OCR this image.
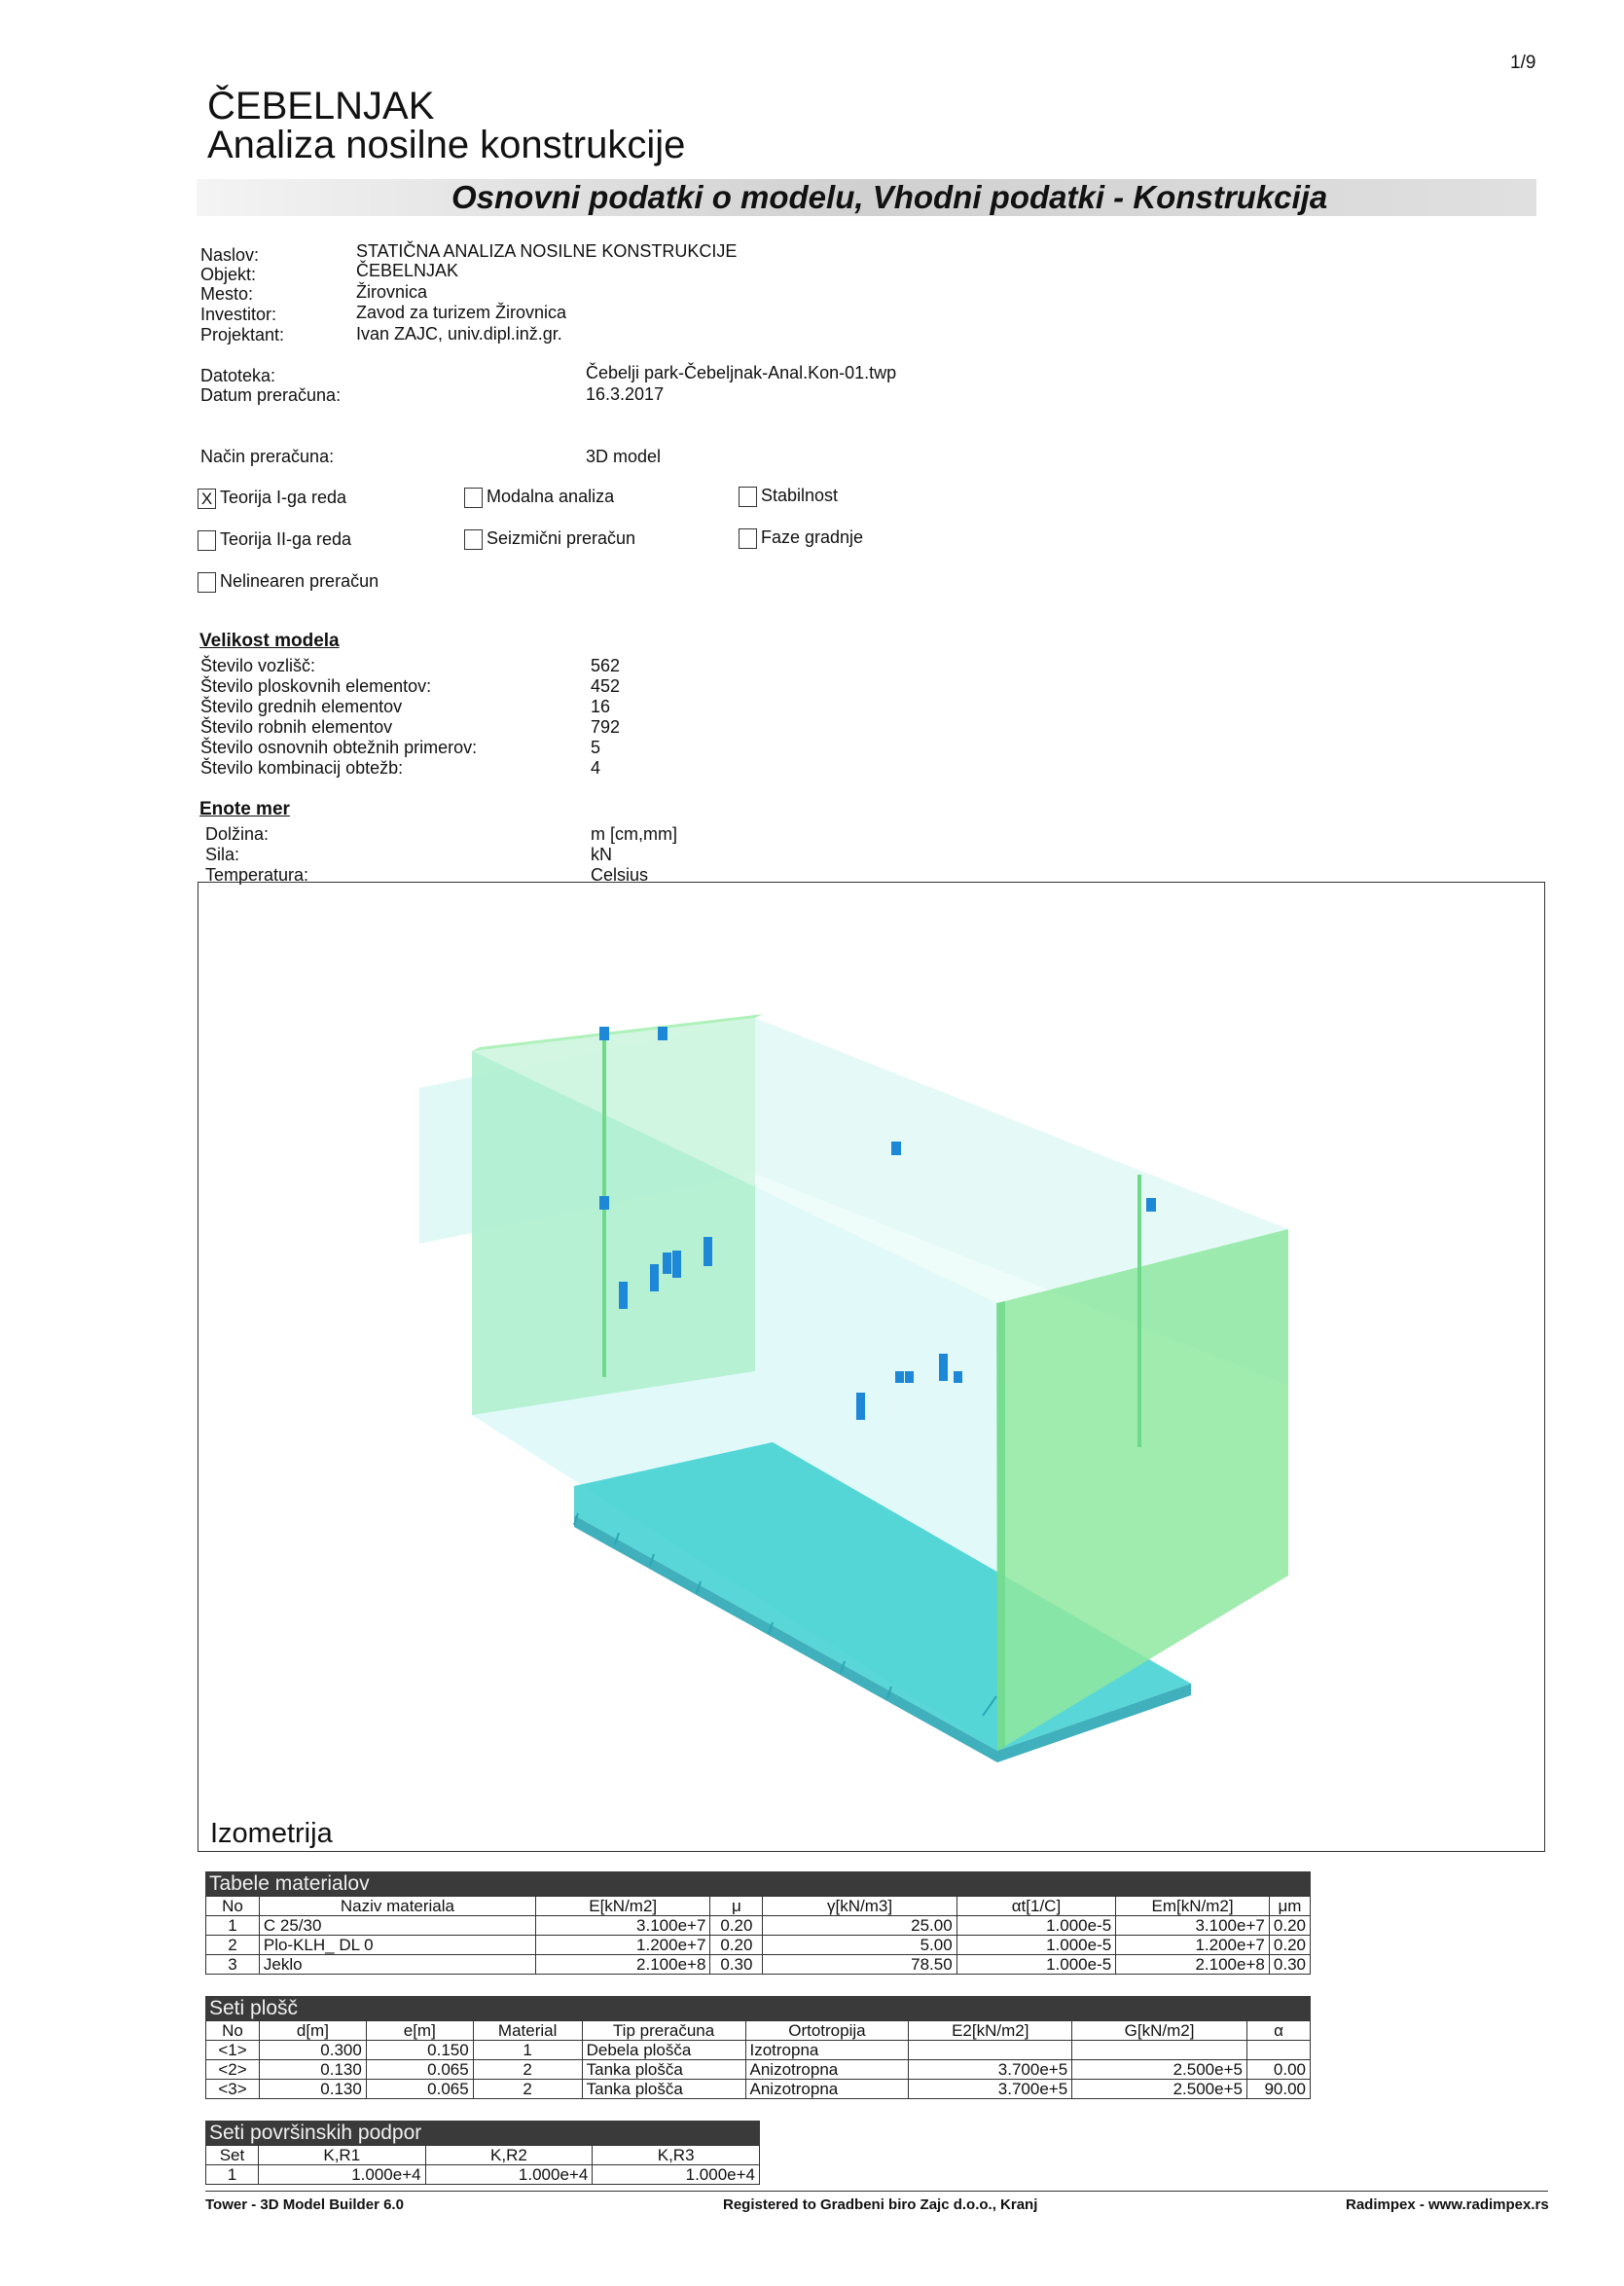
1/9
ČEBELNJAK
Analiza nosilne konstrukcije
Osnovni podatki o modelu, Vhodni podatki - Konstrukcija
Naslov:	STATIČNA ANALIZA NOSILNE KONSTRUKCIJE
Objekt:	ČEBELNJAK
Mesto:	Žirovnica
Investitor:	Zavod za turizem Žirovnica
Projektant:	Ivan ZAJC, univ.dipl.inž.gr.
Datoteka:	Čebelji park-Čebeljnak-Anal.Kon-01.twp
Datum preračuna:	16.3.2017
Način preračuna:	3D model
X Teorija I-ga reda	Modalna analiza	Stabilnost
Teorija II-ga reda	Seizmični preračun	Faze gradnje
Nelinearen preračun
Velikost modela
Število vozlišč:	562
Število ploskovnih elementov:	452
Število grednih elementov	16
Število robnih elementov	792
Število osnovnih obtežnih primerov:	5
Število kombinacij obtežb:	4
Enote mer
Dolžina:	m [cm,mm]
Sila:	kN
Temperatura:	Celsius
Izometrija
Tabele materialov
No	Naziv materiala	E[kN/m2]	μ	γ[kN/m3]	αt[1/C]	Em[kN/m2]	μm
1	C 25/30	3.100e+7	0.20	25.00	1.000e-5	3.100e+7	0.20
2	Plo-KLH_ DL 0	1.200e+7	0.20	5.00	1.000e-5	1.200e+7	0.20
3	Jeklo	2.100e+8	0.30	78.50	1.000e-5	2.100e+8	0.30
Seti plošč
No	d[m]	e[m]	Material	Tip preračuna	Ortotropija	E2[kN/m2]	G[kN/m2]	α
<1>	0.300	0.150	1	Debela plošča	Izotropna			
<2>	0.130	0.065	2	Tanka plošča	Anizotropna	3.700e+5	2.500e+5	0.00
<3>	0.130	0.065	2	Tanka plošča	Anizotropna	3.700e+5	2.500e+5	90.00
Seti površinskih podpor
Set	K,R1	K,R2	K,R3
1	1.000e+4	1.000e+4	1.000e+4
Tower - 3D Model Builder 6.0	Registered to Gradbeni biro Zajc d.o.o., Kranj	Radimpex - www.radimpex.rs
